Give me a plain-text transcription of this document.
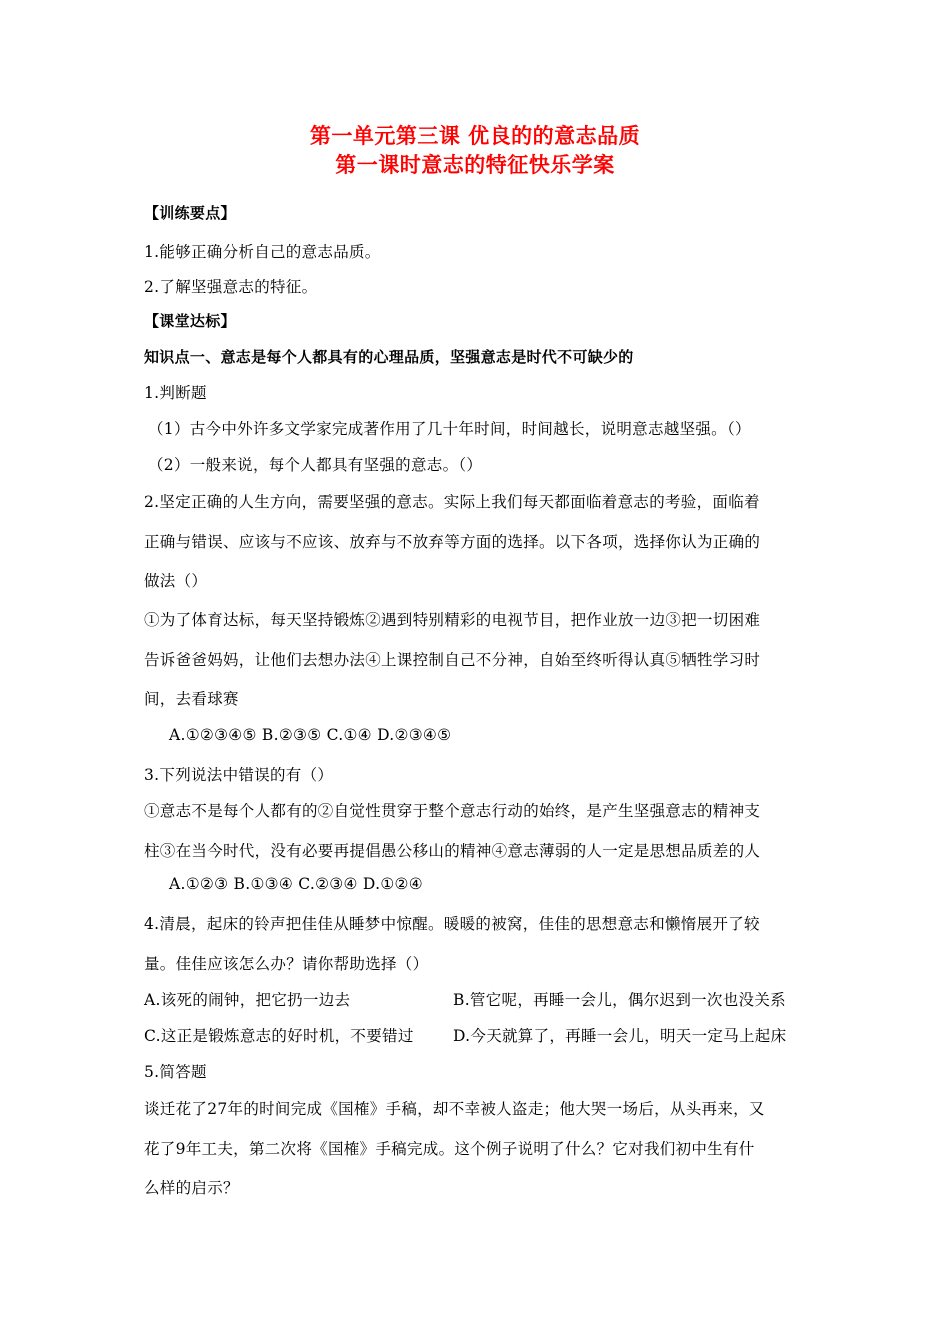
第一单元第三课 优良的的意志品质
第一课时意志的特征快乐学案
【训练要点】
1.能够正确分析自己的意志品质。
2.了解坚强意志的特征。
【课堂达标】
知识点一、意志是每个人都具有的心理品质，坚强意志是时代不可缺少的
1.判断题
（1）古今中外许多文学家完成著作用了几十年时间，时间越长，说明意志越坚强。（）
（2）一般来说，每个人都具有坚强的意志。（）
2.坚定正确的人生方向，需要坚强的意志。实际上我们每天都面临着意志的考验，面临着
正确与错误、应该与不应该、放弃与不放弃等方面的选择。以下各项，选择你认为正确的
做法（）
①为了体育达标，每天坚持锻炼②遇到特别精彩的电视节目，把作业放一边③把一切困难
告诉爸爸妈妈，让他们去想办法④上课控制自己不分神，自始至终听得认真⑤牺牲学习时
间，去看球赛
A.①②③④⑤ B.②③⑤ C.①④ D.②③④⑤
3.下列说法中错误的有（）
①意志不是每个人都有的②自觉性贯穿于整个意志行动的始终，是产生坚强意志的精神支
柱③在当今时代，没有必要再提倡愚公移山的精神④意志薄弱的人一定是思想品质差的人
A.①②③ B.①③④ C.②③④ D.①②④
4.清晨，起床的铃声把佳佳从睡梦中惊醒。暖暖的被窝，佳佳的思想意志和懒惰展开了较
量。佳佳应该怎么办？请你帮助选择（）
A.该死的闹钟，把它扔一边去	B.管它呢，再睡一会儿，偶尔迟到一次也没关系
C.这正是锻炼意志的好时机，不要错过	D.今天就算了，再睡一会儿，明天一定马上起床
5.简答题
谈迁花了27年的时间完成《国榷》手稿，却不幸被人盗走；他大哭一场后，从头再来，又
花了9年工夫，第二次将《国榷》手稿完成。这个例子说明了什么？它对我们初中生有什
么样的启示？
